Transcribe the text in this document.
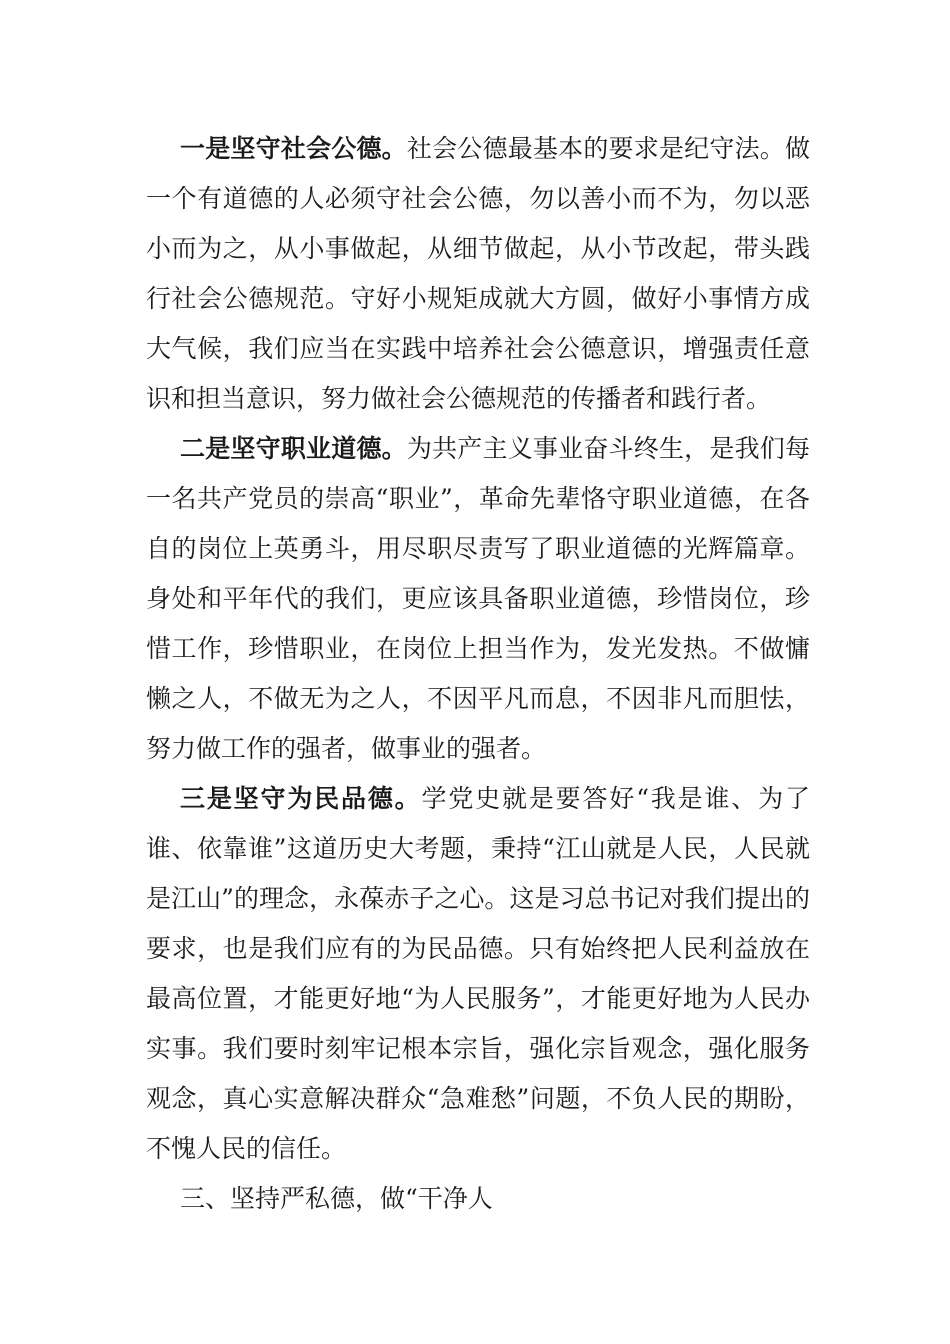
一是坚守社会公德。社会公德最基本的要求是纪守法。做一个有道德的人必须守社会公德，勿以善小而不为，勿以恶小而为之，从小事做起，从细节做起，从小节改起，带头践行社会公德规范。守好小规矩成就大方圆，做好小事情方成大气候，我们应当在实践中培养社会公德意识，增强责任意识和担当意识，努力做社会公德规范的传播者和践行者。

二是坚守职业道德。为共产主义事业奋斗终生，是我们每一名共产党员的崇高“职业”，革命先辈恪守职业道德，在各自的岗位上英勇斗，用尽职尽责写了职业道德的光辉篇章。身处和平年代的我们，更应该具备职业道德，珍惜岗位，珍惜工作，珍惜职业，在岗位上担当作为，发光发热。不做慵懒之人，不做无为之人，不因平凡而息，不因非凡而胆怯，努力做工作的强者，做事业的强者。

三是坚守为民品德。学党史就是要答好“我是谁、为了谁、依靠谁”这道历史大考题，秉持“江山就是人民，人民就是江山”的理念，永葆赤子之心。这是习总书记对我们提出的要求，也是我们应有的为民品德。只有始终把人民利益放在最高位置，才能更好地“为人民服务”，才能更好地为人民办实事。我们要时刻牢记根本宗旨，强化宗旨观念，强化服务观念，真心实意解决群众“急难愁”问题，不负人民的期盼，不愧人民的信任。

三、坚持严私德，做“干净人
